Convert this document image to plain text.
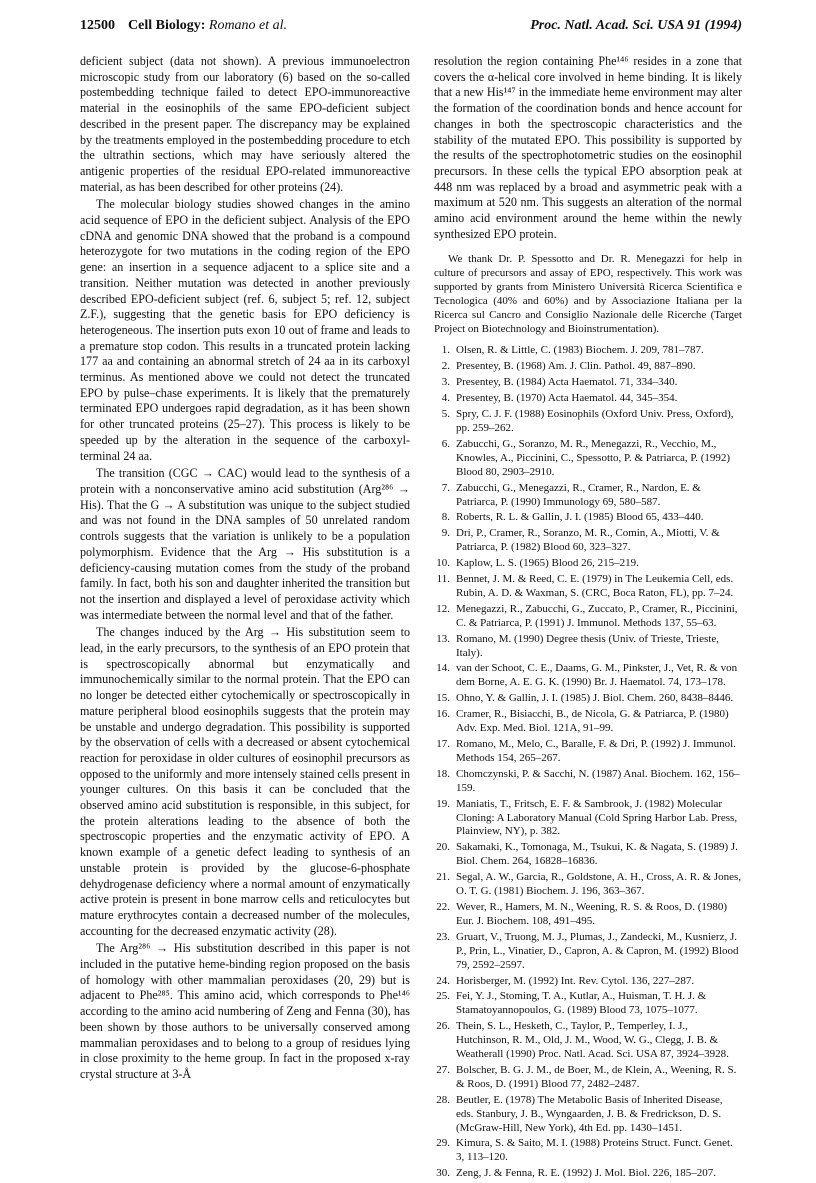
12500 Cell Biology: Romano et al.	Proc. Natl. Acad. Sci. USA 91 (1994)

deficient subject (data not shown). A previous immunoelectron microscopic study from our laboratory (6) based on the so-called postembedding technique failed to detect EPO-immunoreactive material in the eosinophils of the same EPO-deficient subject described in the present paper. The discrepancy may be explained by the treatments employed in the postembedding procedure to etch the ultrathin sections, which may have seriously altered the antigenic properties of the residual EPO-related immunoreactive material, as has been described for other proteins (24).

The molecular biology studies showed changes in the amino acid sequence of EPO in the deficient subject. Analysis of the EPO cDNA and genomic DNA showed that the proband is a compound heterozygote for two mutations in the coding region of the EPO gene: an insertion in a sequence adjacent to a splice site and a transition. Neither mutation was detected in another previously described EPO-deficient subject (ref. 6, subject 5; ref. 12, subject Z.F.), suggesting that the genetic basis for EPO deficiency is heterogeneous. The insertion puts exon 10 out of frame and leads to a premature stop codon. This results in a truncated protein lacking 177 aa and containing an abnormal stretch of 24 aa in its carboxyl terminus. As mentioned above we could not detect the truncated EPO by pulse–chase experiments. It is likely that the prematurely terminated EPO undergoes rapid degradation, as it has been shown for other truncated proteins (25–27). This process is likely to be speeded up by the alteration in the sequence of the carboxyl-terminal 24 aa.

The transition (CGC → CAC) would lead to the synthesis of a protein with a nonconservative amino acid substitution (Arg²⁸⁶ → His). That the G → A substitution was unique to the subject studied and was not found in the DNA samples of 50 unrelated random controls suggests that the variation is unlikely to be a population polymorphism. Evidence that the Arg → His substitution is a deficiency-causing mutation comes from the study of the proband family. In fact, both his son and daughter inherited the transition but not the insertion and displayed a level of peroxidase activity which was intermediate between the normal level and that of the father.

The changes induced by the Arg → His substitution seem to lead, in the early precursors, to the synthesis of an EPO protein that is spectroscopically abnormal but enzymatically and immunochemically similar to the normal protein. That the EPO can no longer be detected either cytochemically or spectroscopically in mature peripheral blood eosinophils suggests that the protein may be unstable and undergo degradation. This possibility is supported by the observation of cells with a decreased or absent cytochemical reaction for peroxidase in older cultures of eosinophil precursors as opposed to the uniformly and more intensely stained cells present in younger cultures. On this basis it can be concluded that the observed amino acid substitution is responsible, in this subject, for the protein alterations leading to the absence of both the spectroscopic properties and the enzymatic activity of EPO. A known example of a genetic defect leading to synthesis of an unstable protein is provided by the glucose-6-phosphate dehydrogenase deficiency where a normal amount of enzymatically active protein is present in bone marrow cells and reticulocytes but mature erythrocytes contain a decreased number of the molecules, accounting for the decreased enzymatic activity (28).

The Arg²⁸⁶ → His substitution described in this paper is not included in the putative heme-binding region proposed on the basis of homology with other mammalian peroxidases (20, 29) but is adjacent to Phe²⁸⁵. This amino acid, which corresponds to Phe¹⁴⁶ according to the amino acid numbering of Zeng and Fenna (30), has been shown by those authors to be universally conserved among mammalian peroxidases and to belong to a group of residues lying in close proximity to the heme group. In fact in the proposed x-ray crystal structure at 3-Å

resolution the region containing Phe¹⁴⁶ resides in a zone that covers the α-helical core involved in heme binding. It is likely that a new His¹⁴⁷ in the immediate heme environment may alter the formation of the coordination bonds and hence account for changes in both the spectroscopic characteristics and the stability of the mutated EPO. This possibility is supported by the results of the spectrophotometric studies on the eosinophil precursors. In these cells the typical EPO absorption peak at 448 nm was replaced by a broad and asymmetric peak with a maximum at 520 nm. This suggests an alteration of the normal amino acid environment around the heme within the newly synthesized EPO protein.

We thank Dr. P. Spessotto and Dr. R. Menegazzi for help in culture of precursors and assay of EPO, respectively. This work was supported by grants from Ministero Università Ricerca Scientifica e Tecnologica (40% and 60%) and by Associazione Italiana per la Ricerca sul Cancro and Consiglio Nazionale delle Ricerche (Target Project on Biotechnology and Bioinstrumentation).
1. Olsen, R. & Little, C. (1983) Biochem. J. 209, 781–787.
2. Presentey, B. (1968) Am. J. Clin. Pathol. 49, 887–890.
3. Presentey, B. (1984) Acta Haematol. 71, 334–340.
4. Presentey, B. (1970) Acta Haematol. 44, 345–354.
5. Spry, C. J. F. (1988) Eosinophils (Oxford Univ. Press, Oxford), pp. 259–262.
6. Zabucchi, G., Soranzo, M. R., Menegazzi, R., Vecchio, M., Knowles, A., Piccinini, C., Spessotto, P. & Patriarca, P. (1992) Blood 80, 2903–2910.
7. Zabucchi, G., Menegazzi, R., Cramer, R., Nardon, E. & Patriarca, P. (1990) Immunology 69, 580–587.
8. Roberts, R. L. & Gallin, J. I. (1985) Blood 65, 433–440.
9. Dri, P., Cramer, R., Soranzo, M. R., Comin, A., Miotti, V. & Patriarca, P. (1982) Blood 60, 323–327.
10. Kaplow, L. S. (1965) Blood 26, 215–219.
11. Bennet, J. M. & Reed, C. E. (1979) in The Leukemia Cell, eds. Rubin, A. D. & Waxman, S. (CRC, Boca Raton, FL), pp. 7–24.
12. Menegazzi, R., Zabucchi, G., Zuccato, P., Cramer, R., Piccinini, C. & Patriarca, P. (1991) J. Immunol. Methods 137, 55–63.
13. Romano, M. (1990) Degree thesis (Univ. of Trieste, Trieste, Italy).
14. van der Schoot, C. E., Daams, G. M., Pinkster, J., Vet, R. & von dem Borne, A. E. G. K. (1990) Br. J. Haematol. 74, 173–178.
15. Ohno, Y. & Gallin, J. I. (1985) J. Biol. Chem. 260, 8438–8446.
16. Cramer, R., Bisiacchi, B., de Nicola, G. & Patriarca, P. (1980) Adv. Exp. Med. Biol. 121A, 91–99.
17. Romano, M., Melo, C., Baralle, F. & Dri, P. (1992) J. Immunol. Methods 154, 265–267.
18. Chomczynski, P. & Sacchi, N. (1987) Anal. Biochem. 162, 156–159.
19. Maniatis, T., Fritsch, E. F. & Sambrook, J. (1982) Molecular Cloning: A Laboratory Manual (Cold Spring Harbor Lab. Press, Plainview, NY), p. 382.
20. Sakamaki, K., Tomonaga, M., Tsukui, K. & Nagata, S. (1989) J. Biol. Chem. 264, 16828–16836.
21. Segal, A. W., Garcia, R., Goldstone, A. H., Cross, A. R. & Jones, O. T. G. (1981) Biochem. J. 196, 363–367.
22. Wever, R., Hamers, M. N., Weening, R. S. & Roos, D. (1980) Eur. J. Biochem. 108, 491–495.
23. Gruart, V., Truong, M. J., Plumas, J., Zandecki, M., Kusnierz, J. P., Prin, L., Vinatier, D., Capron, A. & Capron, M. (1992) Blood 79, 2592–2597.
24. Horisberger, M. (1992) Int. Rev. Cytol. 136, 227–287.
25. Fei, Y. J., Stoming, T. A., Kutlar, A., Huisman, T. H. J. & Stamatoyannopoulos, G. (1989) Blood 73, 1075–1077.
26. Thein, S. L., Hesketh, C., Taylor, P., Temperley, I. J., Hutchinson, R. M., Old, J. M., Wood, W. G., Clegg, J. B. & Weatherall (1990) Proc. Natl. Acad. Sci. USA 87, 3924–3928.
27. Bolscher, B. G. J. M., de Boer, M., de Klein, A., Weening, R. S. & Roos, D. (1991) Blood 77, 2482–2487.
28. Beutler, E. (1978) The Metabolic Basis of Inherited Disease, eds. Stanbury, J. B., Wyngaarden, J. B. & Fredrickson, D. S. (McGraw-Hill, New York), 4th Ed. pp. 1430–1451.
29. Kimura, S. & Saito, M. I. (1988) Proteins Struct. Funct. Genet. 3, 113–120.
30. Zeng, J. & Fenna, R. E. (1992) J. Mol. Biol. 226, 185–207.
